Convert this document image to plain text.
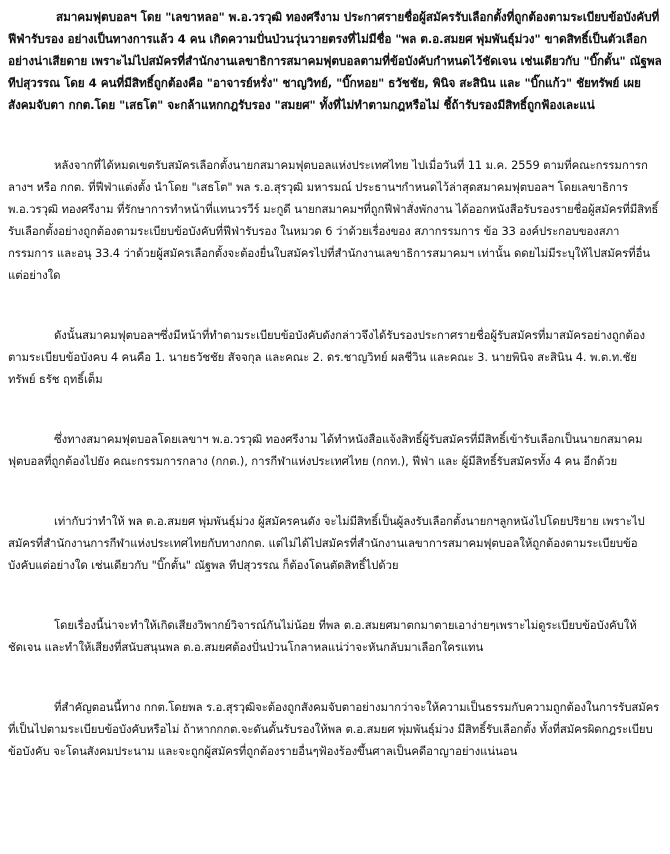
สมาคมฟุตบอลฯ โดย "เลขาหลอ" พ.อ.วรวุฒิ ทองศรีงาม ประกาศรายชื่อผู้สมัครรับเลือกตั้งที่ถูกต้องตามระเบียบข้อบังคับที่ฟีฟ่ารับรอง อย่างเป็นทางการแล้ว 4 คน เกิดความปั่นป่วนวุ่นวายตรงที่ไม่มีชื่อ "พล ต.อ.สมยศ พุ่มพันธุ์ม่วง" ขาดสิทธิ์เป็นตัวเลือกอย่างน่าเสียดาย เพราะไม่ไปสมัครที่สำนักงานเลขาธิการสมาคมฟุตบอลตามที่ข้อบังคับกำหนดไว้ชัดเจน เช่นเดียวกับ "บิ๊กตั้น" ณัฐพล ทีปสุวรรณ โดย 4 คนที่มีสิทธิ์ถูกต้องคือ "อาจารย์หรั่ง" ชาญวิทย์, "บิ๊กหอย" ธวัชชัย, พินิจ สะสินิน และ "บิ๊กแก้ว" ชัยทรัพย์ เผยสังคมจับตา กกต.โดย "เสธโต" จะกล้าแหกกฎรับรอง "สมยศ" ทั้งที่ไม่ทำตามกฎหรือไม่ ชี้ถ้ารับรองมีสิทธิ์ถูกฟ้องเละแน่

หลังจากที่ได้หมดเขตรับสมัครเลือกตั้งนายกสมาคมฟุตบอลแห่งประเทศไทย ไปเมื่อวันที่ 11 ม.ค. 2559 ตามที่คณะกรรมการกลางฯ หรือ กกต. ที่ฟีฟ่าแต่งตั้ง นำโดย "เสธโต" พล ร.อ.สุรวุฒิ มหารมณ์ ประธานฯกำหนดไว้ล่าสุดสมาคมฟุตบอลฯ โดยเลขาธิการ พ.อ.วรวุฒิ ทองศรีงาม ที่รักษาการทำหน้าที่แทนวรวีร์ มะกูดี นายกสมาคมฯที่ถูกฟีฟ่าสั่งพักงาน ได้ออกหนังสือรับรองรายชื่อผู้สมัครที่มีสิทธิ์รับเลือกตั้งอย่างถูกต้องตามระเบียบข้อบังคับที่ฟีฟ่ารับรอง ในหมวด 6 ว่าด้วยเรื่องของ สภากรรมการ ข้อ 33 องค์ประกอบของสภากรรมการ และอนุ 33.4 ว่าด้วยผู้สมัครเลือกตั้งจะต้องยื่นใบสมัครไปที่สำนักงานเลขาธิการสมาคมฯ เท่านั้น ดดยไม่มีระบุให้ไปสมัครที่อื่นแต่อย่างใด

ดังนั้นสมาคมฟุตบอลฯซึ่งมีหน้าที่ทำตามระเบียบข้อบังคับดังกล่าวจึงได้รับรองประกาศรายชื่อผู้รับสมัครที่มาสมัครอย่างถูกต้องตามระเบียบข้อบังคบ 4 คนคือ 1. นายธวัชชัย สัจจกุล และคณะ 2. ดร.ชาญวิทย์ ผลชีวิน และคณะ 3. นายพินิจ สะสินิน 4. พ.ต.ท.ชัยทรัพย์ ธรัช ฤทธิ์เต็ม

ซึ่งทางสมาคมฟุตบอลโดยเลขาฯ พ.อ.วรวุฒิ ทองศรีงาม ได้ทำหนังสือแจ้งสิทธิ์ผู้รับสมัครที่มีสิทธิ์เข้ารับเลือกเป็นนายกสมาคมฟุตบอลที่ถูกต้องไปยัง คณะกรรมการกลาง (กกต.), การกีฬาแห่งประเทศไทย (กกท.), ฟีฟ่า และ ผู้มีสิทธิ์รับสมัครทั้ง 4 คน อีกด้วย

เท่ากับว่าทำให้ พล ต.อ.สมยศ พุ่มพันธุ์ม่วง ผู้สมัครคนดัง จะไม่มีสิทธิ์เป็นผู้ลงรับเลือกตั้งนายกฯลูกหนังไปโดยปริยาย เพราะไปสมัครที่สำนักงานการกีฬาแห่งประเทศไทยกับทางกกต. แต่ไม่ได้ไปสมัครที่สำนักงานเลขาการสมาคมฟุตบอลให้ถูกต้องตามระเบียบข้อบังคับแต่อย่างใด เช่นเดียวกับ "บิ๊กตั้น" ณัฐพล ทีปสุวรรณ ก็ต้องโดนตัดสิทธิ์ไปด้วย

โดยเรื่องนี้น่าจะทำให้เกิดเสียงวิพากย์วิจารณ์กันไม่น้อย ที่พล ต.อ.สมยศมาตกมาตายเอาง่ายๆเพราะไม่ดูระเบียบข้อบังคับให้ชัดเจน และทำให้เสียงที่สนับสนุนพล ต.อ.สมยศต้องปั่นป่วนโกลาหลแน่ว่าจะหันกลับมาเลือกใครแทน

ที่สำคัญตอนนี้ทาง กกต.โดยพล ร.อ.สุรวุฒิจะต้องถูกสังคมจับตาอย่างมากว่าจะให้ความเป็นธรรมกับความถูกต้องในการรับสมัครที่เป็นไปตามระเบียบข้อบังคับหรือไม่ ถ้าหากกกต.จะดันดั้นรับรองให้พล ต.อ.สมยศ พุ่มพันธุ์ม่วง มีสิทธิ์รับเลือกตั้ง ทั้งที่สมัครผิดกฎระเบียบข้อบังคับ จะโดนสังคมประนาม และจะถูกผู้สมัครที่ถูกต้องรายอื่นๆฟ้องร้องขึ้นศาลเป็นคดีอาญาอย่างแน่นอน
